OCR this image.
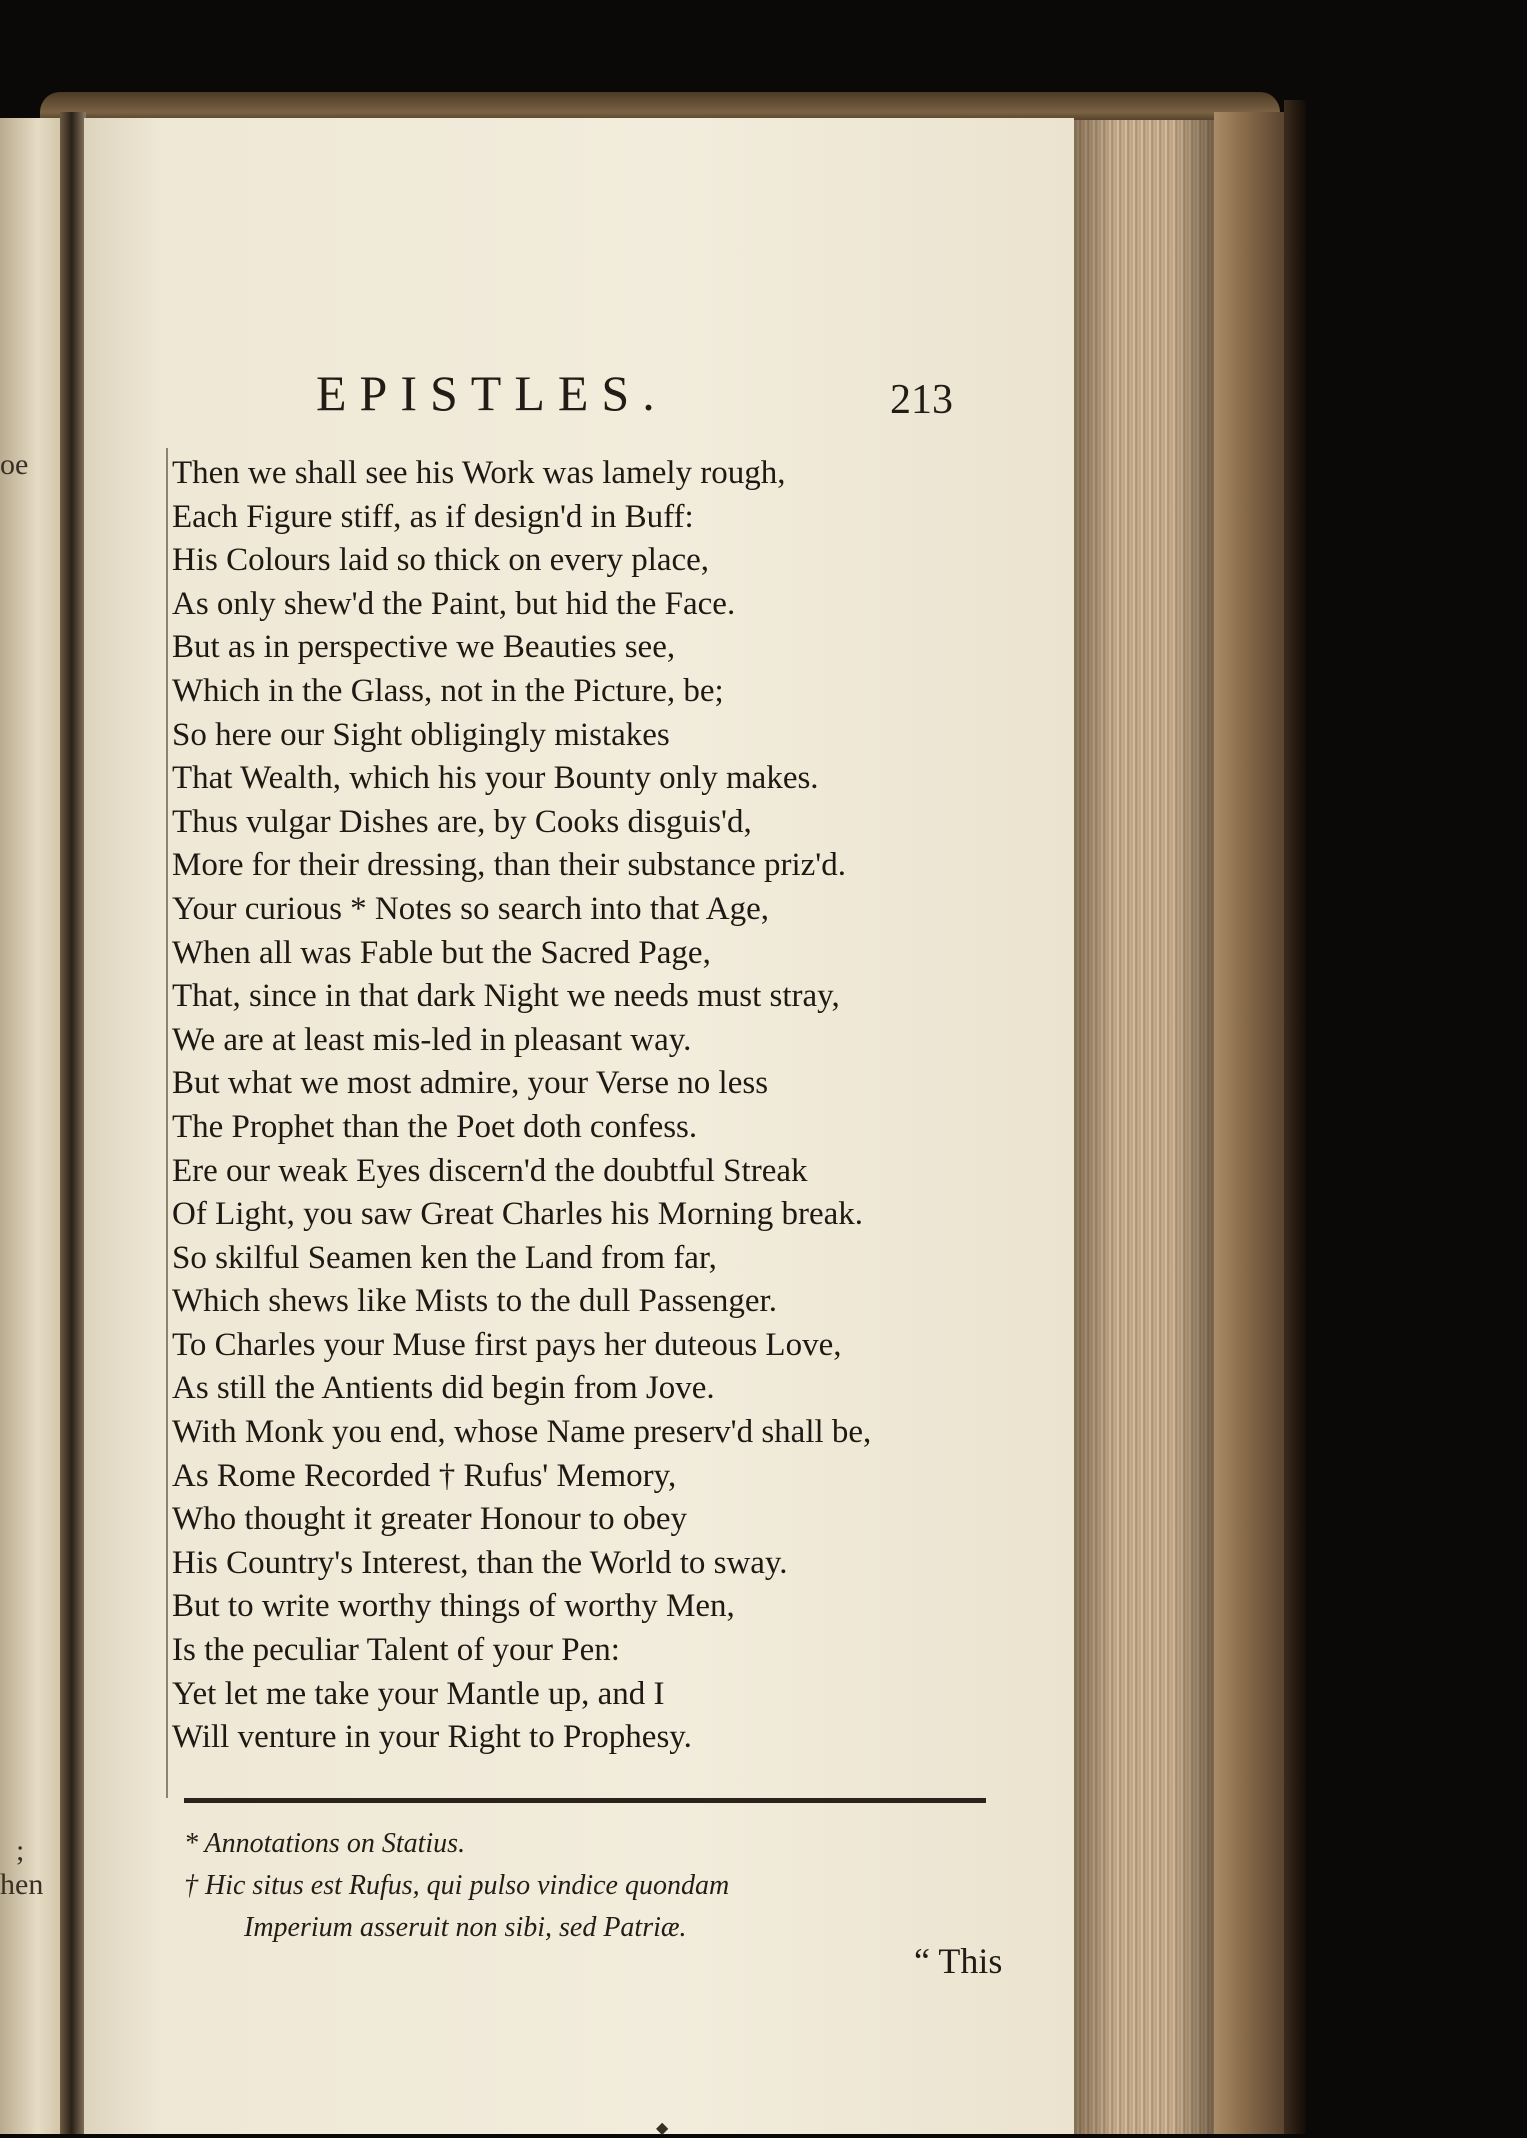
oe
;
hen
EPISTLES.	213
Then we shall see his Work was lamely rough,
Each Figure stiff, as if design'd in Buff:
His Colours laid so thick on every place,
As only shew'd the Paint, but hid the Face.
But as in perspective we Beauties see,
Which in the Glass, not in the Picture, be;
So here our Sight obligingly mistakes
That Wealth, which his your Bounty only makes.
Thus vulgar Dishes are, by Cooks disguis'd,
More for their dressing, than their substance priz'd.
Your curious * Notes so search into that Age,
When all was Fable but the Sacred Page,
That, since in that dark Night we needs must stray,
We are at least mis-led in pleasant way.
But what we most admire, your Verse no less
The Prophet than the Poet doth confess.
Ere our weak Eyes discern'd the doubtful Streak
Of Light, you saw Great Charles his Morning break.
So skilful Seamen ken the Land from far,
Which shews like Mists to the dull Passenger.
To Charles your Muse first pays her duteous Love,
As still the Antients did begin from Jove.
With Monk you end, whose Name preserv'd shall be,
As Rome Recorded † Rufus' Memory,
Who thought it greater Honour to obey
His Country's Interest, than the World to sway.
But to write worthy things of worthy Men,
Is the peculiar Talent of your Pen:
Yet let me take your Mantle up, and I
Will venture in your Right to Prophesy.
* Annotations on Statius.
† Hic situs est Rufus, qui pulso vindice quondam
Imperium asseruit non sibi, sed Patriæ.
“ This
◆
